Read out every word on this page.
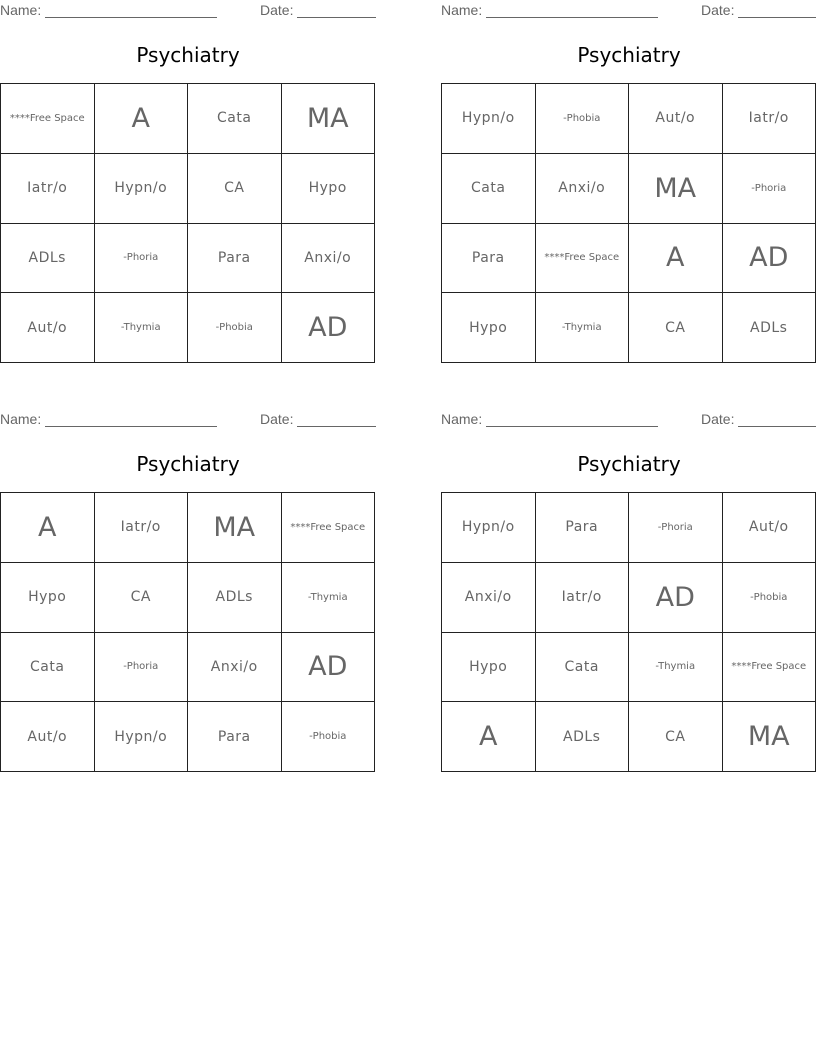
Name:	Date:
Psychiatry
****Free Space	A	Cata	MA
Iatr/o	Hypn/o	CA	Hypo
ADLs	-Phoria	Para	Anxi/o
Aut/o	-Thymia	-Phobia	AD
Name:	Date:
Psychiatry
Hypn/o	-Phobia	Aut/o	Iatr/o
Cata	Anxi/o	MA	-Phoria
Para	****Free Space	A	AD
Hypo	-Thymia	CA	ADLs
Name:	Date:
Psychiatry
A	Iatr/o	MA	****Free Space
Hypo	CA	ADLs	-Thymia
Cata	-Phoria	Anxi/o	AD
Aut/o	Hypn/o	Para	-Phobia
Name:	Date:
Psychiatry
Hypn/o	Para	-Phoria	Aut/o
Anxi/o	Iatr/o	AD	-Phobia
Hypo	Cata	-Thymia	****Free Space
A	ADLs	CA	MA
